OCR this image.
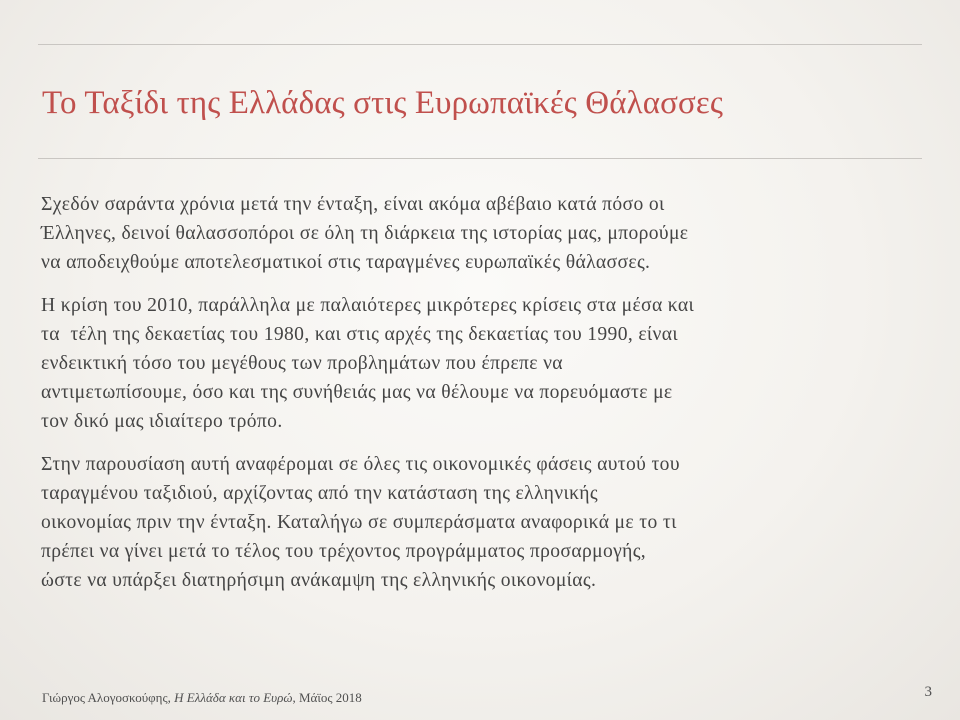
Το Ταξίδι της Ελλάδας στις Ευρωπαϊκές Θάλασσες

Σχεδόν σαράντα χρόνια μετά την ένταξη, είναι ακόμα αβέβαιο κατά πόσο οι
Έλληνες, δεινοί θαλασσοπόροι σε όλη τη διάρκεια της ιστορίας μας, μπορούμε
να αποδειχθούμε αποτελεσματικοί στις ταραγμένες ευρωπαϊκές θάλασσες.

Η κρίση του 2010, παράλληλα με παλαιότερες μικρότερες κρίσεις στα μέσα και
τα  τέλη της δεκαετίας του 1980, και στις αρχές της δεκαετίας του 1990, είναι
ενδεικτική τόσο του μεγέθους των προβλημάτων που έπρεπε να
αντιμετωπίσουμε, όσο και της συνήθειάς μας να θέλουμε να πορευόμαστε με
τον δικό μας ιδιαίτερο τρόπο.

Στην παρουσίαση αυτή αναφέρομαι σε όλες τις οικονομικές φάσεις αυτού του
ταραγμένου ταξιδιού, αρχίζοντας από την κατάσταση της ελληνικής
οικονομίας πριν την ένταξη. Καταλήγω σε συμπεράσματα αναφορικά με το τι
πρέπει να γίνει μετά το τέλος του τρέχοντος προγράμματος προσαρμογής,
ώστε να υπάρξει διατηρήσιμη ανάκαμψη της ελληνικής οικονομίας.

Γιώργος Αλογοσκούφης, Η Ελλάδα και το Ευρώ, Μάϊος 2018	3
